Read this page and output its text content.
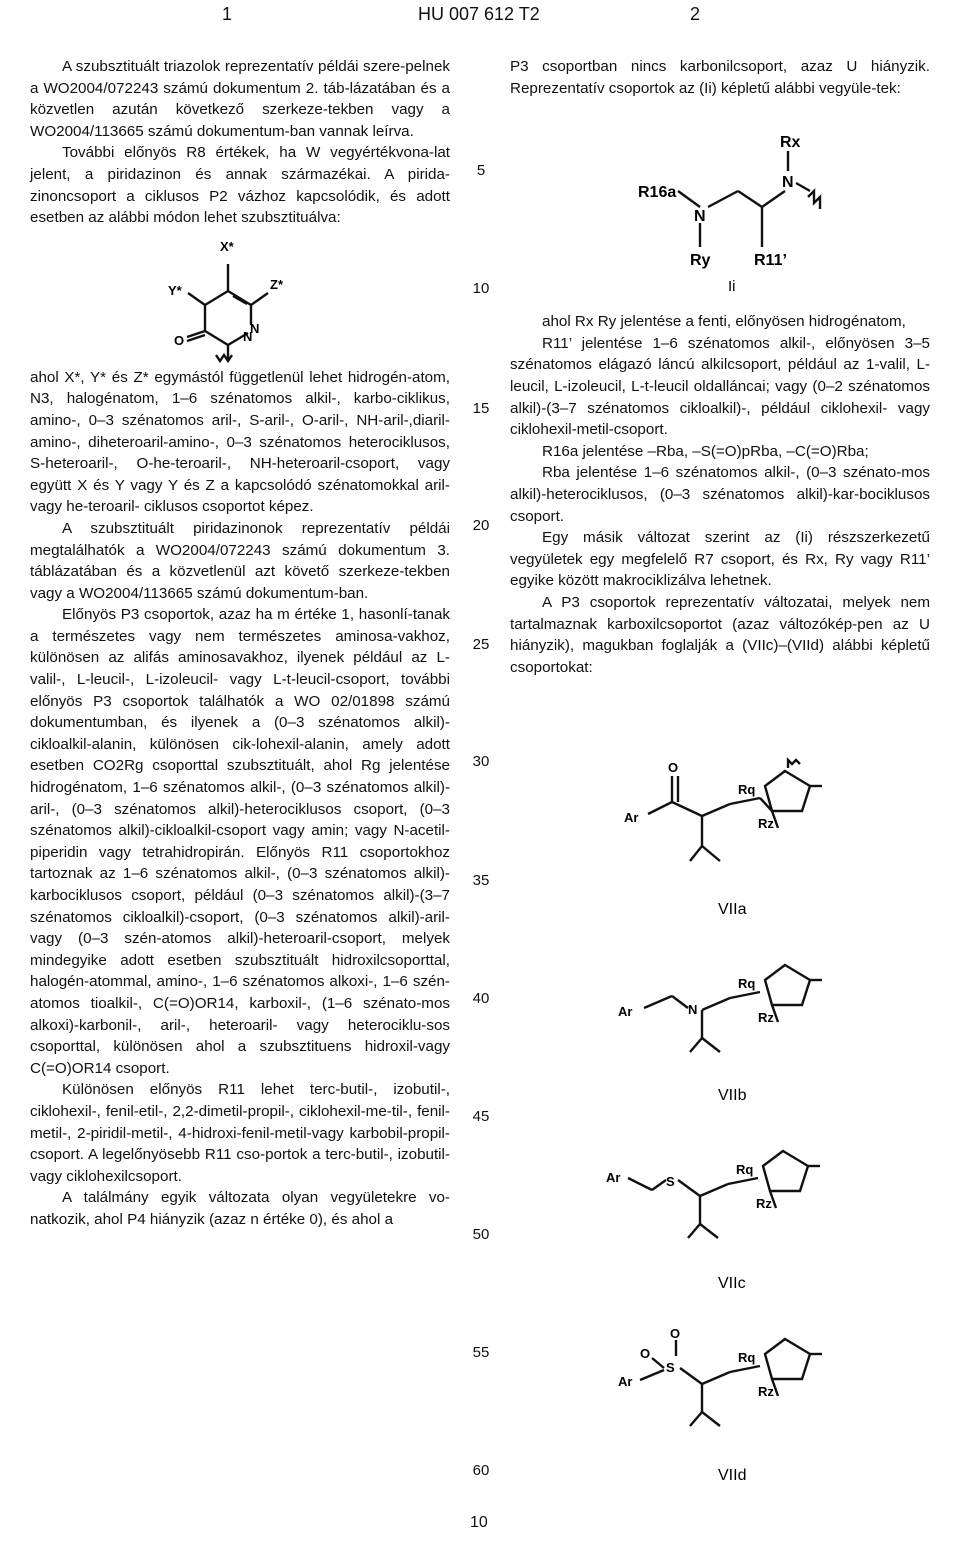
1	HU 007 612 T2	2

A szubsztituált triazolok reprezentatív példái szere-pelnek a WO2004/072243 számú dokumentum 2. táb-lázatában és a közvetlen azután következő szerkeze-tekben vagy a WO2004/113665 számú dokumentum-ban vannak leírva.

További előnyös R8 értékek, ha W vegyértékvona-lat jelent, a piridazinon és annak származékai. A pirida-zinoncsoport a ciklusos P2 vázhoz kapcsolódik, és adott esetben az alábbi módon lehet szubsztituálva:

X*
Y*	Z*
O	N
N

ahol X*, Y* és Z* egymástól függetlenül lehet hidrogén-atom, N3, halogénatom, 1–6 szénatomos alkil-, karbo-ciklikus, amino-, 0–3 szénatomos aril-, S-aril-, O-aril-, NH-aril-,diaril-amino-, diheteroaril-amino-, 0–3 szénatomos heterociklusos, S-heteroaril-, O-he-teroaril-, NH-heteroaril-csoport, vagy együtt X és Y vagy Y és Z a kapcsolódó szénatomokkal aril- vagy he-teroaril- ciklusos csoportot képez.

A szubsztituált piridazinonok reprezentatív példái megtalálhatók a WO2004/072243 számú dokumentum 3. táblázatában és a közvetlenül azt követő szerkeze-tekben vagy a WO2004/113665 számú dokumentum-ban.

Előnyös P3 csoportok, azaz ha m értéke 1, hasonlí-tanak a természetes vagy nem természetes aminosa-vakhoz, különösen az alifás aminosavakhoz, ilyenek például az L-valil-, L-leucil-, L-izoleucil- vagy L-t-leucil-csoport, további előnyös P3 csoportok találhatók a WO 02/01898 számú dokumentumban, és ilyenek a (0–3 szénatomos alkil)-cikloalkil-alanin, különösen cik-lohexil-alanin, amely adott esetben CO2Rg csoporttal szubsztituált, ahol Rg jelentése hidrogénatom, 1–6 szénatomos alkil-, (0–3 szénatomos alkil)-aril-, (0–3 szénatomos alkil)-heterociklusos csoport, (0–3 szénatomos alkil)-cikloalkil-csoport vagy amin; vagy N-acetil-piperidin vagy tetrahidropirán. Előnyös R11 csoportokhoz tartoznak az 1–6 szénatomos alkil-, (0–3 szénatomos alkil)-karbociklusos csoport, például (0–3 szénatomos alkil)-(3–7 szénatomos cikloalkil)-csoport, (0–3 szénatomos alkil)-aril- vagy (0–3 szén-atomos alkil)-heteroaril-csoport, melyek mindegyike adott esetben szubsztituált hidroxilcsoporttal, halogén-atommal, amino-, 1–6 szénatomos alkoxi-, 1–6 szén-atomos tioalkil-, C(=O)OR14, karboxil-, (1–6 szénato-mos alkoxi)-karbonil-, aril-, heteroaril- vagy heterociklu-sos csoporttal, különösen ahol a szubsztituens hidroxil-vagy C(=O)OR14 csoport.

Különösen előnyös R11 lehet terc-butil-, izobutil-, ciklohexil-, fenil-etil-, 2,2-dimetil-propil-, ciklohexil-me-til-, fenil-metil-, 2-piridil-metil-, 4-hidroxi-fenil-metil-vagy karbobil-propil-csoport. A legelőnyösebb R11 cso-portok a terc-butil-, izobutil- vagy ciklohexilcsoport.

A találmány egyik változata olyan vegyületekre vo-natkozik, ahol P4 hiányzik (azaz n értéke 0), és ahol a

5
10
15
20
25
30
35
40
45
50
55
60

P3 csoportban nincs karbonilcsoport, azaz U hiányzik. Reprezentatív csoportok az (Ii) képletű alábbi vegyüle-tek:

R16a
N
Ry
Rx
N
R11’
Ii

ahol Rx Ry jelentése a fenti, előnyösen hidrogénatom,

R11’ jelentése 1–6 szénatomos alkil-, előnyösen 3–5 szénatomos elágazó láncú alkilcsoport, például az 1-valil, L-leucil, L-izoleucil, L-t-leucil oldalláncai; vagy (0–2 szénatomos alkil)-(3–7 szénatomos cikloalkil)-, például ciklohexil- vagy ciklohexil-metil-csoport.

R16a jelentése –Rba, –S(=O)pRba, –C(=O)Rba;

Rba jelentése 1–6 szénatomos alkil-, (0–3 szénato-mos alkil)-heterociklusos, (0–3 szénatomos alkil)-kar-bociklusos csoport.

Egy másik változat szerint az (Ii) részszerkezetű vegyületek egy megfelelő R7 csoport, és Rx, Ry vagy R11’ egyike között makrociklizálva lehetnek.

A P3 csoportok reprezentatív változatai, melyek nem tartalmaznak karboxilcsoportot (azaz változókép-pen az U hiányzik), magukban foglalják a (VIIc)–(VIId) alábbi képletű csoportokat:

Ar
O
Rq
Rz
VIIa
Ar	N
Rq
Rz
VIIb
Ar	S
Rq
Rz
VIIc
Ar
S
O
O
Rq
Rz
VIId
10
